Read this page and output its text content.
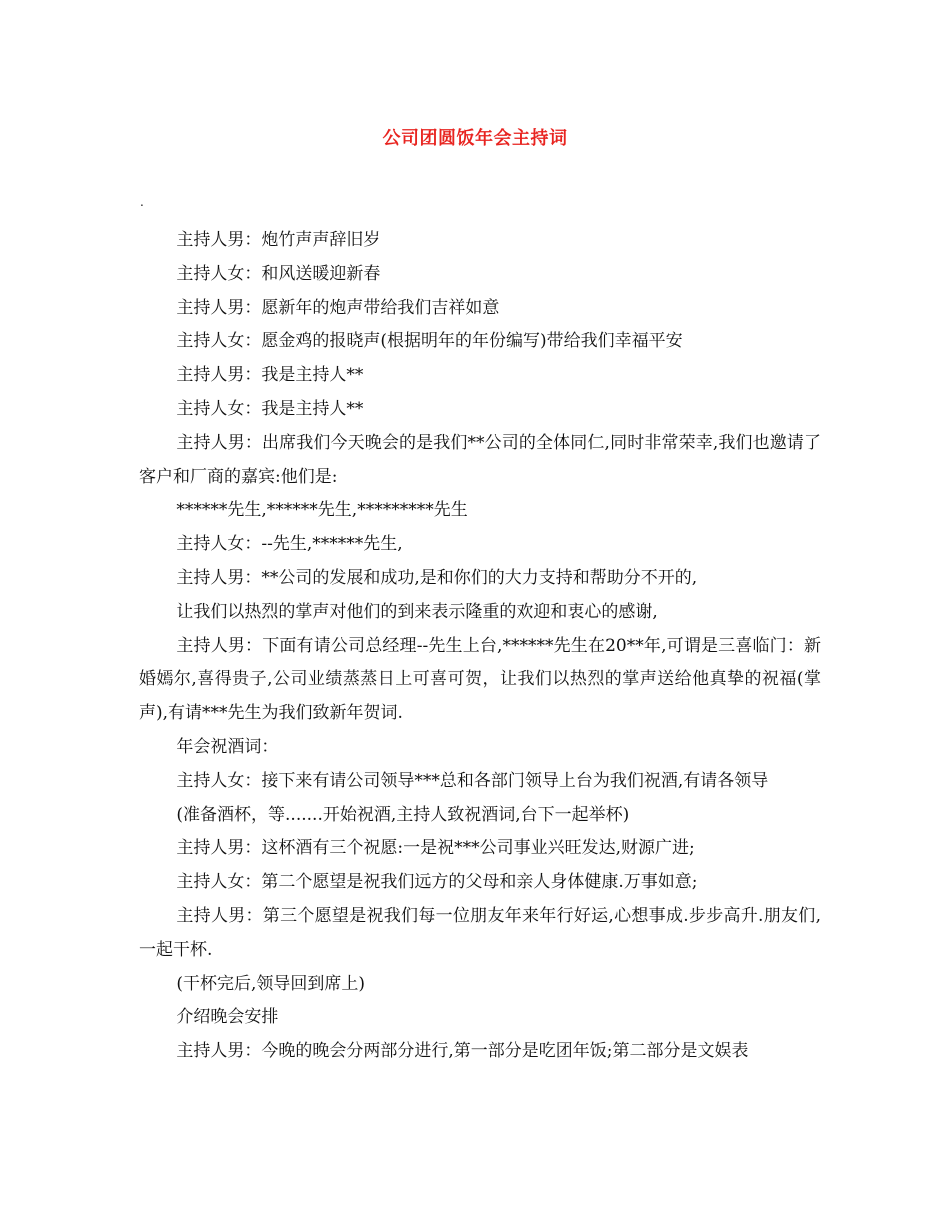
公司团圆饭年会主持词
.

主持人男：炮竹声声辞旧岁

主持人女：和风送暖迎新春

主持人男：愿新年的炮声带给我们吉祥如意

主持人女：愿金鸡的报晓声(根据明年的年份编写)带给我们幸福平安

主持人男：我是主持人**

主持人女：我是主持人**

主持人男：出席我们今天晚会的是我们**公司的全体同仁,同时非常荣幸,我们也邀请了客户和厂商的嘉宾:他们是:

******先生,******先生,*********先生

主持人女：--先生,******先生,

主持人男：**公司的发展和成功,是和你们的大力支持和帮助分不开的,

让我们以热烈的掌声对他们的到来表示隆重的欢迎和衷心的感谢,

主持人男：下面有请公司总经理--先生上台,******先生在20**年,可谓是三喜临门：新婚嫣尔,喜得贵子,公司业绩蒸蒸日上可喜可贺，让我们以热烈的掌声送给他真挚的祝福(掌声),有请***先生为我们致新年贺词.

年会祝酒词：

主持人女：接下来有请公司领导***总和各部门领导上台为我们祝酒,有请各领导

(准备酒杯，等.......开始祝酒,主持人致祝酒词,台下一起举杯)

主持人男：这杯酒有三个祝愿:一是祝***公司事业兴旺发达,财源广进;

主持人女：第二个愿望是祝我们远方的父母和亲人身体健康.万事如意;

主持人男：第三个愿望是祝我们每一位朋友年来年行好运,心想事成.步步高升.朋友们,一起干杯.

(干杯完后,领导回到席上)

介绍晚会安排

主持人男：今晚的晚会分两部分进行,第一部分是吃团年饭;第二部分是文娱表
